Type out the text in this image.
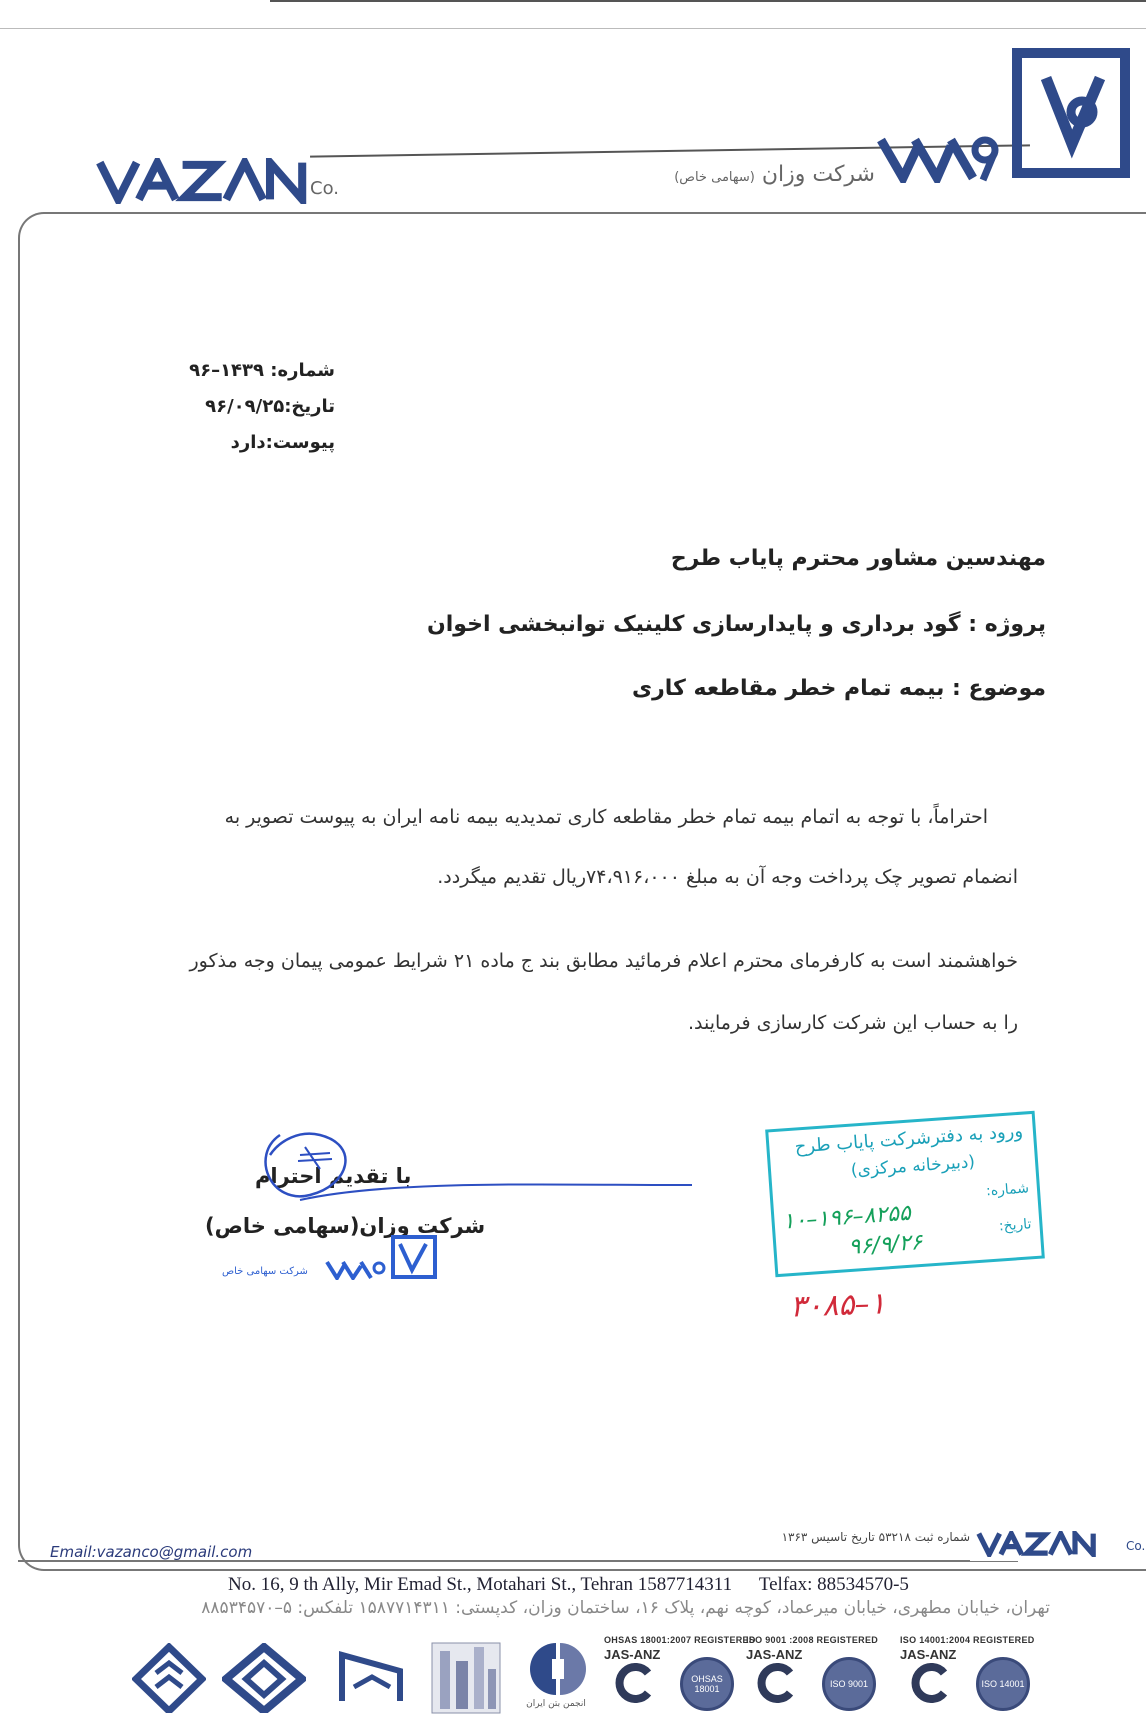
شرکت وزان (سهامی خاص)
Co.
شماره: ۱۴۳۹–۹۶
تاریخ:۹۶/۰۹/۲۵
پیوست:دارد
مهندسین مشاور محترم پایاب طرح
پروژه : گود برداری و پایدارسازی کلینیک توانبخشی اخوان
موضوع : بیمه تمام خطر مقاطعه کاری
احتراماً، با توجه به اتمام بیمه تمام خطر مقاطعه کاری تمدیدیه بیمه نامه ایران به پیوست تصویر به
انضمام تصویر چک پرداخت وجه آن به مبلغ ۷۴،۹۱۶،۰۰۰ریال تقدیم میگردد.
خواهشمند است به کارفرمای محترم اعلام فرمائید مطابق بند ج ماده ۲۱ شرایط عمومی پیمان وجه مذکور
را به حساب این شرکت کارسازی فرمایند.
با تقدیم احترام
شرکت وزان(سهامی خاص)
شرکت سهامی خاص
ورود به دفترشرکت پایاب طرح
(دبیرخانه مرکزی)
شماره:
تاریخ:
۱۰–۱۹۶–۸۲۵۵
۹۶/۹/۲۶
۳۰۸۵–۱
Email:vazanco@gmail.com
شماره ثبت ۵۳۲۱۸ تاریخ تاسیس ۱۳۶۳
Co.
No. 16, 9 th Ally, Mir Emad St., Motahari St., Tehran 1587714311 Telfax: 88534570-5
تهران، خیابان مطهری، خیابان میرعماد، کوچه نهم، پلاک ۱۶، ساختمان وزان، کدپستی: ۱۵۸۷۷۱۴۳۱۱ تلفکس: ۵–۸۸۵۳۴۵۷۰
انجمن بتن ایران
OHSAS 18001:2007 REGISTERED
JAS-ANZ
OHSAS 18001
ISO 9001 :2008 REGISTERED
JAS-ANZ
ISO 9001
ISO 14001:2004 REGISTERED
JAS-ANZ
ISO 14001
